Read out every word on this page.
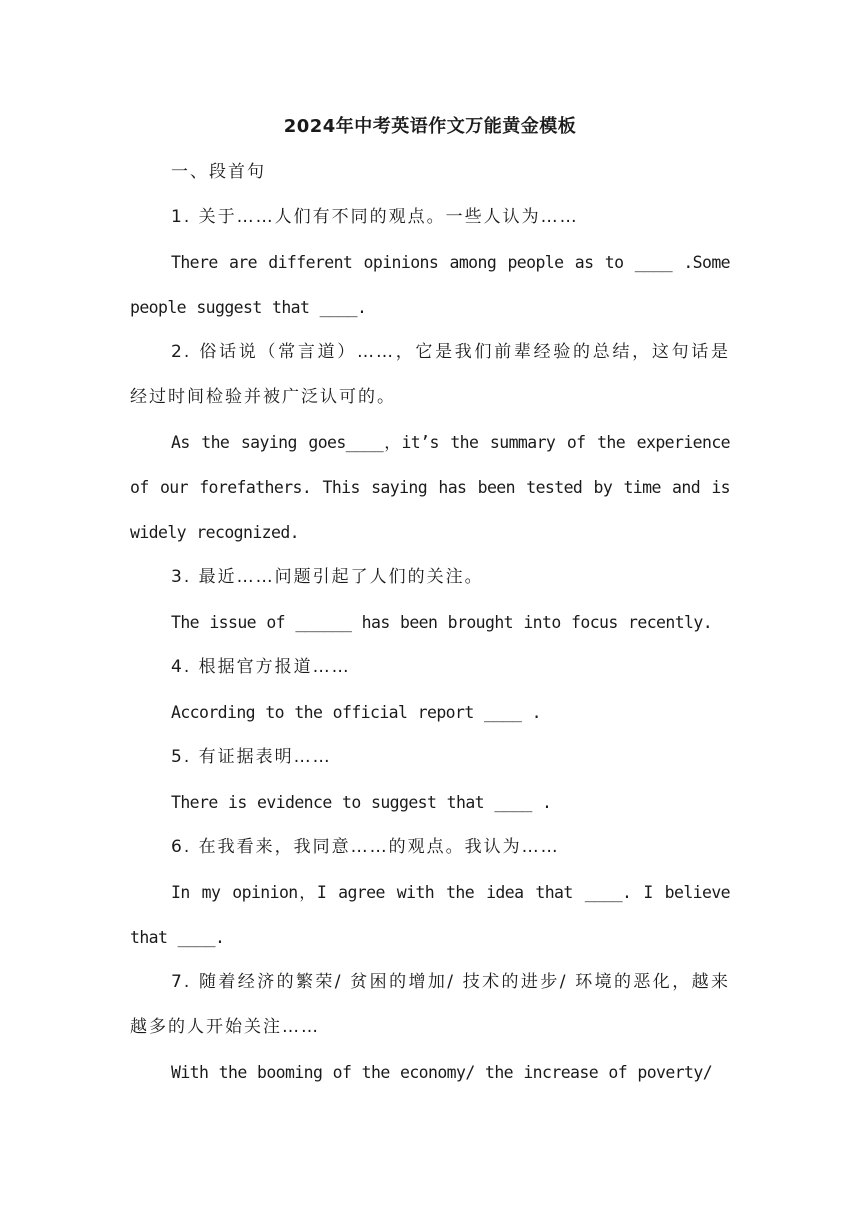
2024年中考英语作文万能黄金模板

一、段首句

1. 关于……人们有不同的观点。一些人认为……

There are different opinions among people as to ____ .Some people suggest that ____.

2. 俗话说（常言道）……，它是我们前辈经验的总结，这句话是经过时间检验并被广泛认可的。

As the saying goes____，it’s the summary of the experience of our forefathers. This saying has been tested by time and is widely recognized.

3. 最近……问题引起了人们的关注。

The issue of ______ has been brought into focus recently.

4. 根据官方报道……

According to the official report ____ .

5. 有证据表明……

There is evidence to suggest that ____ .

6. 在我看来，我同意……的观点。我认为……

In my opinion，I agree with the idea that ____. I believe that ____.

7. 随着经济的繁荣/ 贫困的增加/ 技术的进步/ 环境的恶化，越来越多的人开始关注……

With the booming of the economy/ the increase of poverty/
